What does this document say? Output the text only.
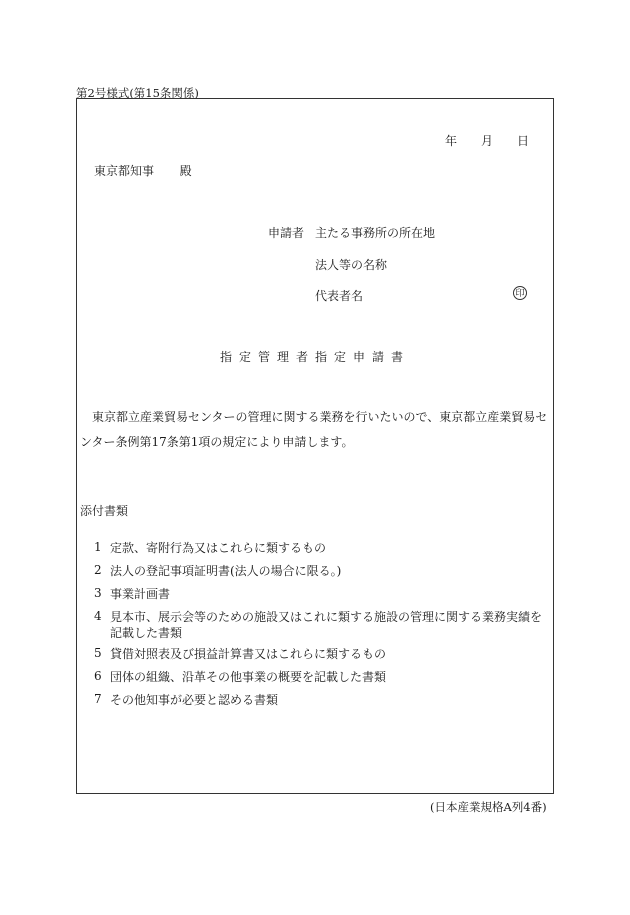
第2号様式(第15条関係)
年 月 日
東京都知事 殿
申請者 主たる事務所の所在地
法人等の名称
代表者名	印
指定管理者指定申請書
東京都立産業貿易センターの管理に関する業務を行いたいので、東京都立産業貿易センター条例第17条第1項の規定により申請します。
添付書類
1 定款、寄附行為又はこれらに類するもの
2 法人の登記事項証明書(法人の場合に限る。)
3 事業計画書
4 見本市、展示会等のための施設又はこれに類する施設の管理に関する業務実績を記載した書類
5 貸借対照表及び損益計算書又はこれらに類するもの
6 団体の組織、沿革その他事業の概要を記載した書類
7 その他知事が必要と認める書類
(日本産業規格A列4番)
